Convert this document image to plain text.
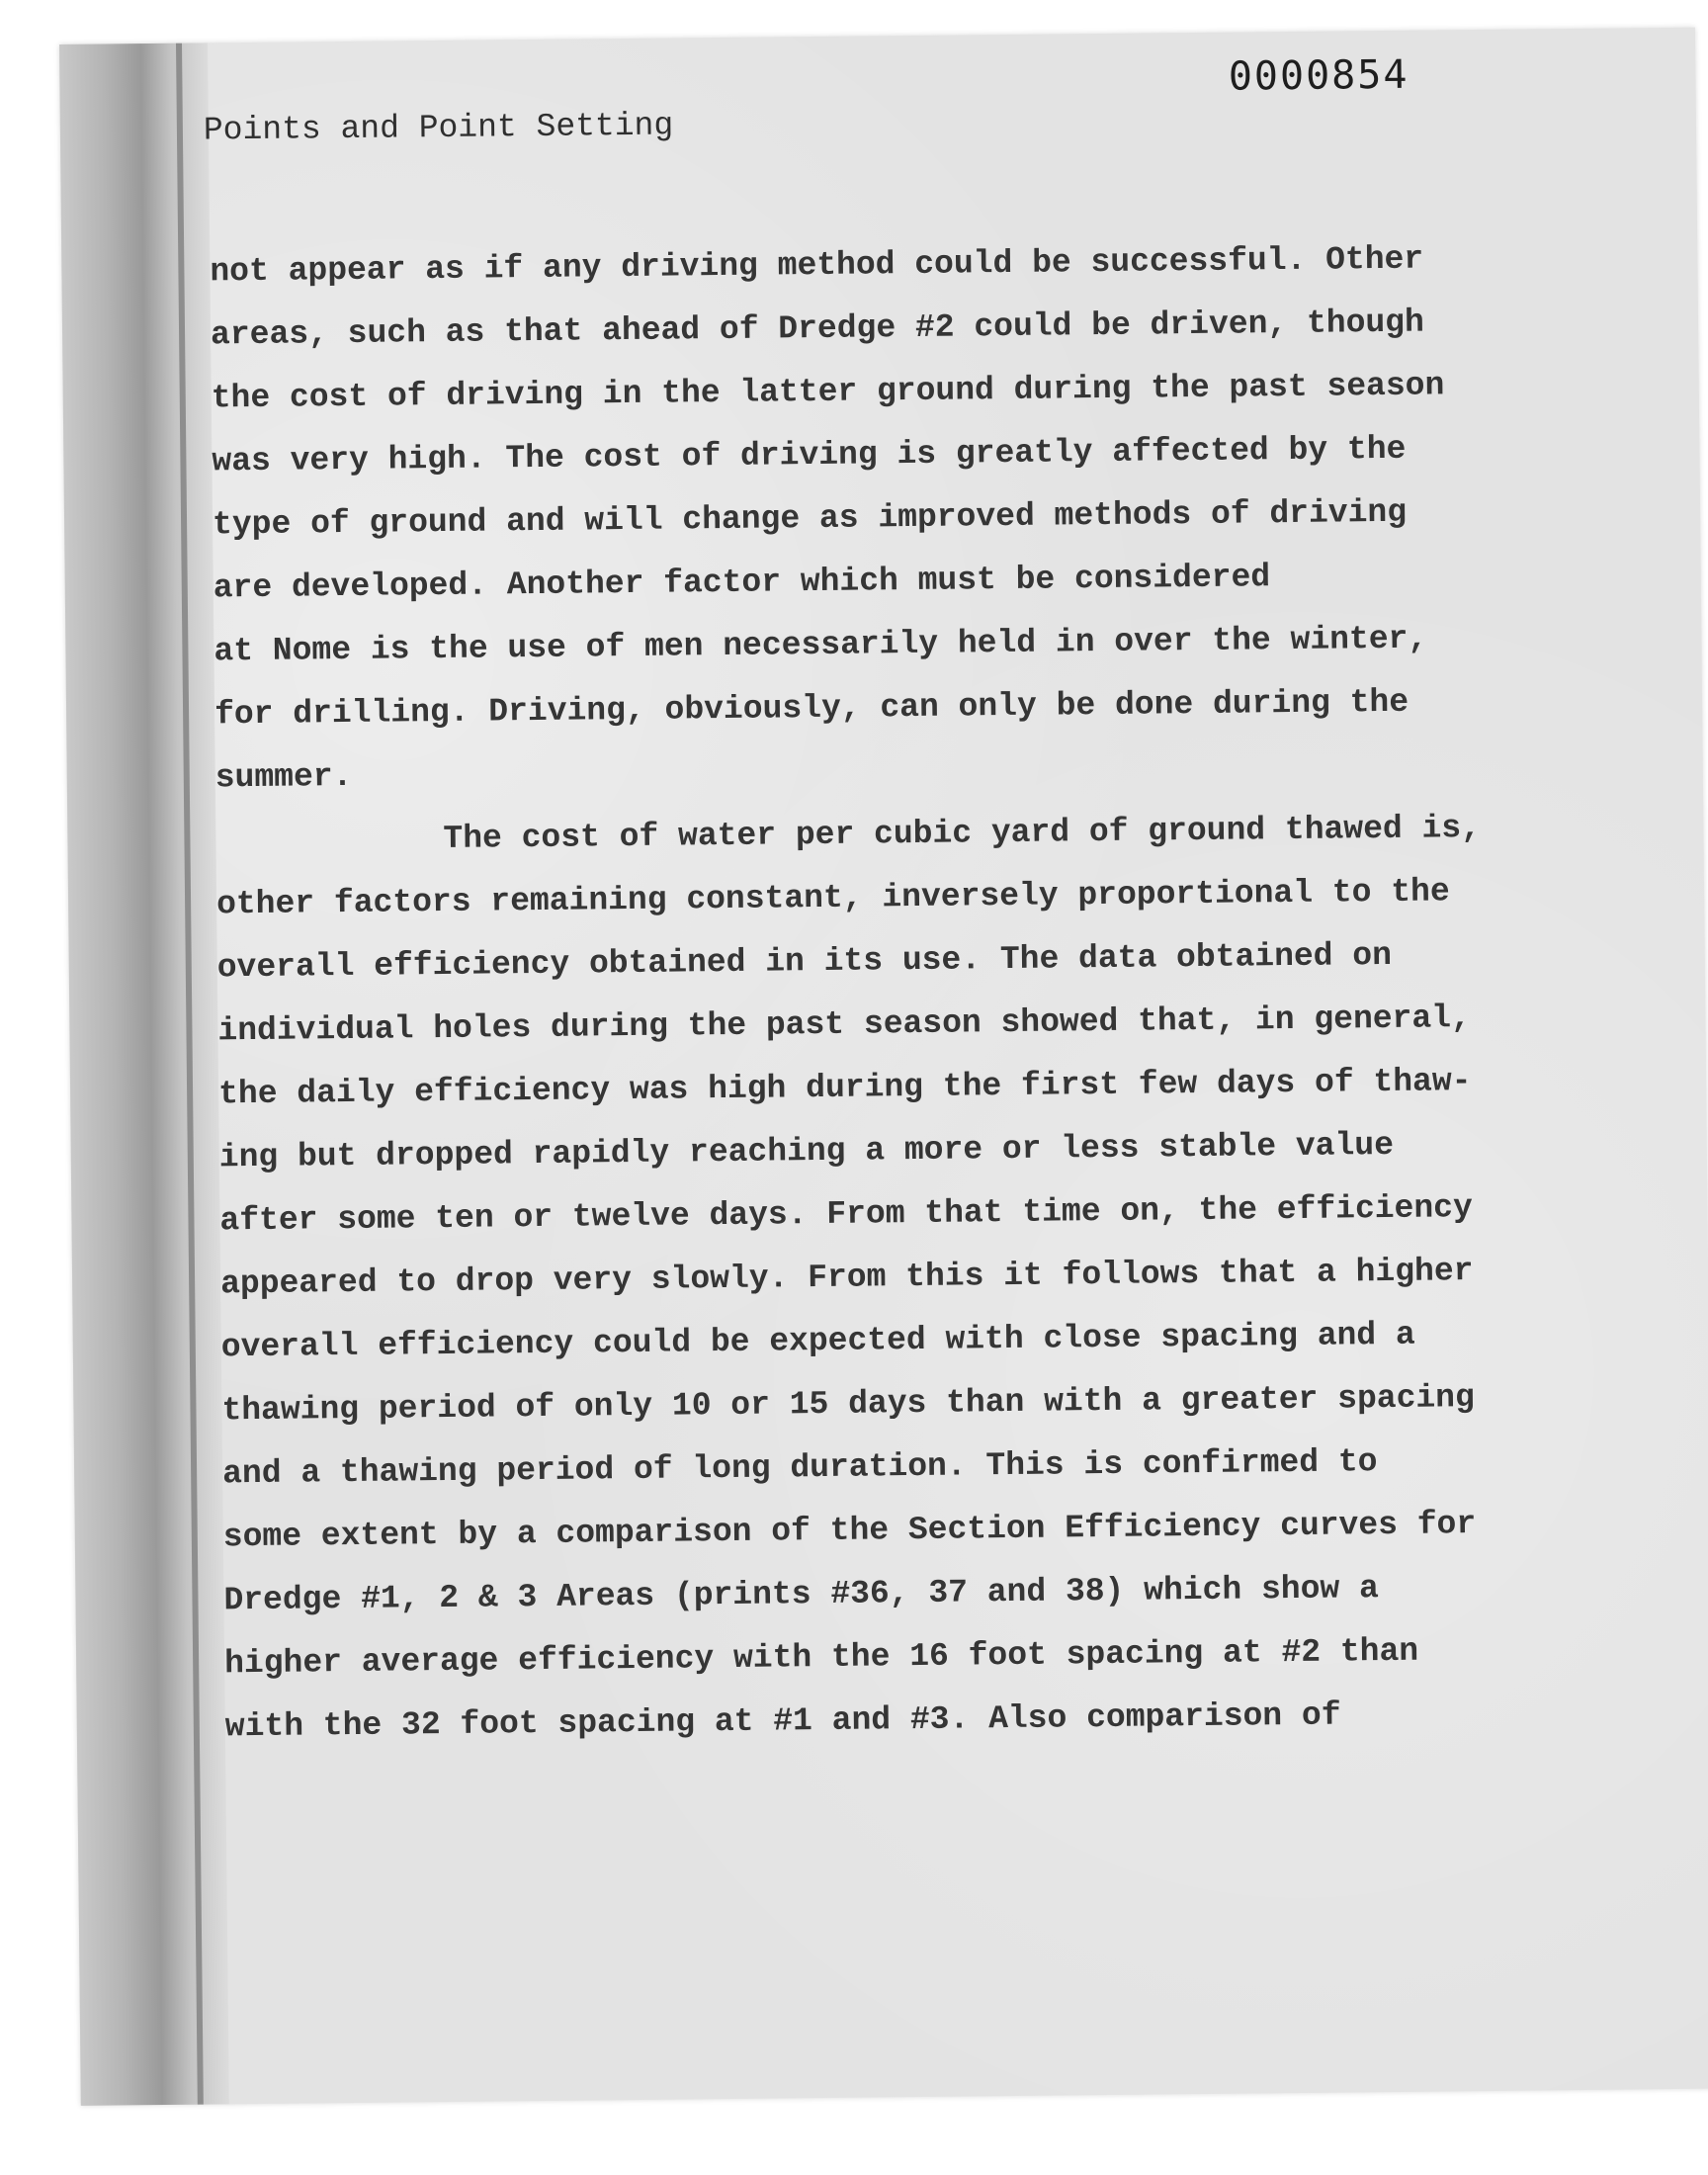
0000854
Points and Point Setting
not appear as if any driving method could be successful. Other
areas, such as that ahead of Dredge #2 could be driven, though
the cost of driving in the latter ground during the past season
was very high. The cost of driving is greatly affected by the
type of ground and will change as improved methods of driving
are developed. Another factor which must be considered
at Nome is the use of men necessarily held in over the winter,
for drilling. Driving, obviously, can only be done during the
summer.
The cost of water per cubic yard of ground thawed is,
other factors remaining constant, inversely proportional to the
overall efficiency obtained in its use. The data obtained on
individual holes during the past season showed that, in general,
the daily efficiency was high during the first few days of thaw-
ing but dropped rapidly reaching a more or less stable value
after some ten or twelve days. From that time on, the efficiency
appeared to drop very slowly. From this it follows that a higher
overall efficiency could be expected with close spacing and a
thawing period of only 10 or 15 days than with a greater spacing
and a thawing period of long duration. This is confirmed to
some extent by a comparison of the Section Efficiency curves for
Dredge #1, 2 & 3 Areas (prints #36, 37 and 38) which show a
higher average efficiency with the 16 foot spacing at #2 than
with the 32 foot spacing at #1 and #3. Also comparison of
